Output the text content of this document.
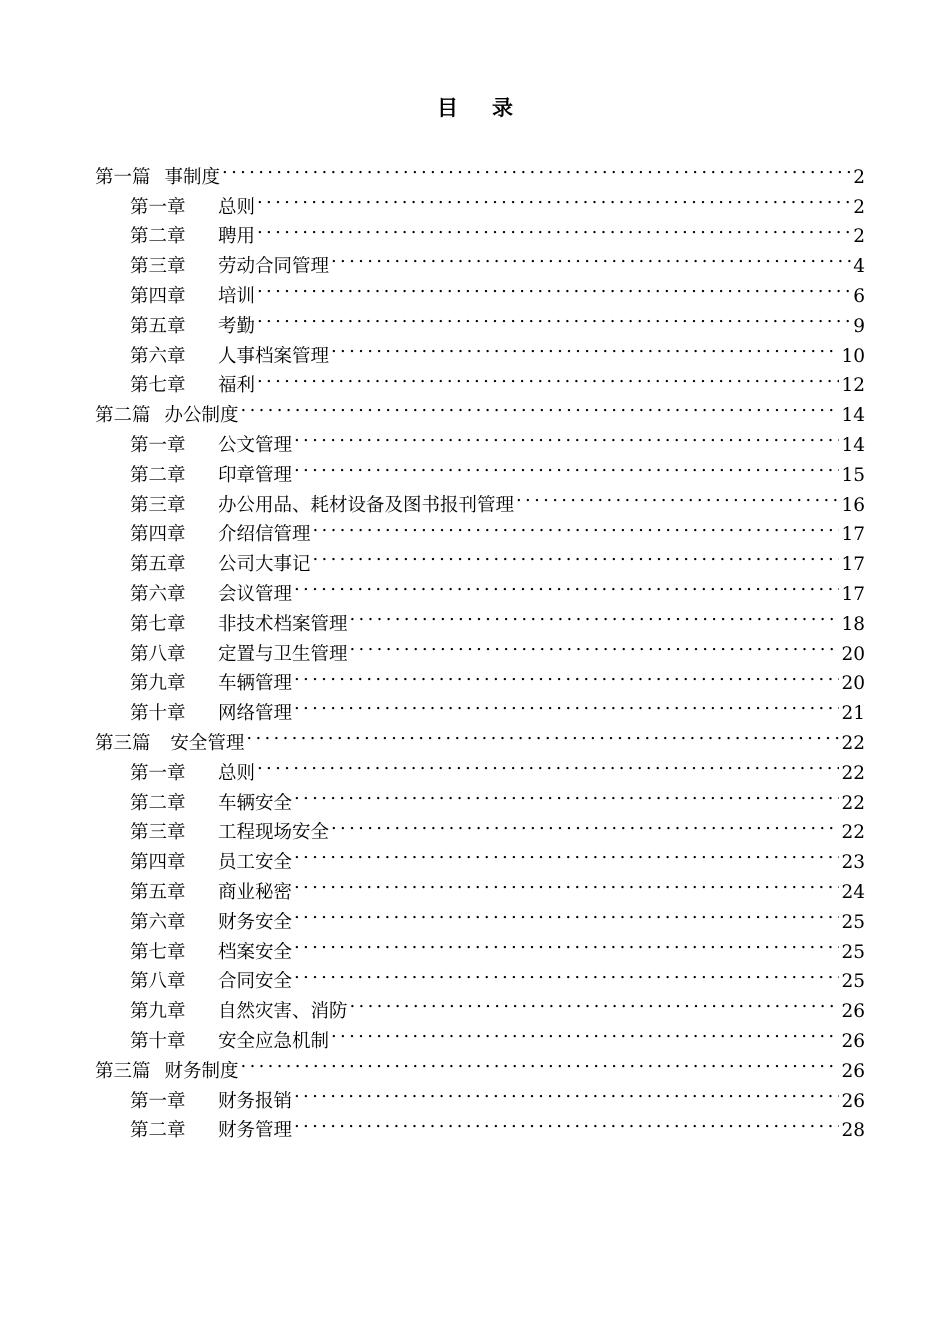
目 录
第一篇 事制度 . . .	2
第一章	总则 . . .	2
第二章	聘用 . . .	2
第三章	劳动合同管理 . . .	4
第四章	培训 . . .	6
第五章	考勤 . . .	9
第六章	人事档案管理 . . .	10
第七章	福利 . . .	12
第二篇 办公制度 . . .	14
第一章	公文管理 . . .	14
第二章	印章管理 . . .	15
第三章	办公用品、耗材设备及图书报刊管理 . . .	16
第四章	介绍信管理 . . .	17
第五章	公司大事记 . . .	17
第六章	会议管理 . . .	17
第七章	非技术档案管理 . . .	18
第八章	定置与卫生管理 . . .	20
第九章	车辆管理 . . .	20
第十章	网络管理 . . .	21
第三篇 安全管理 . . .	22
第一章	总则 . . .	22
第二章	车辆安全 . . .	22
第三章	工程现场安全 . . .	22
第四章	员工安全 . . .	23
第五章	商业秘密 . . .	24
第六章	财务安全 . . .	25
第七章	档案安全 . . .	25
第八章	合同安全 . . .	25
第九章	自然灾害、消防 . . .	26
第十章	安全应急机制 . . .	26
第三篇 财务制度 . . .	26
第一章	财务报销 . . .	26
第二章	财务管理 . . .	28
